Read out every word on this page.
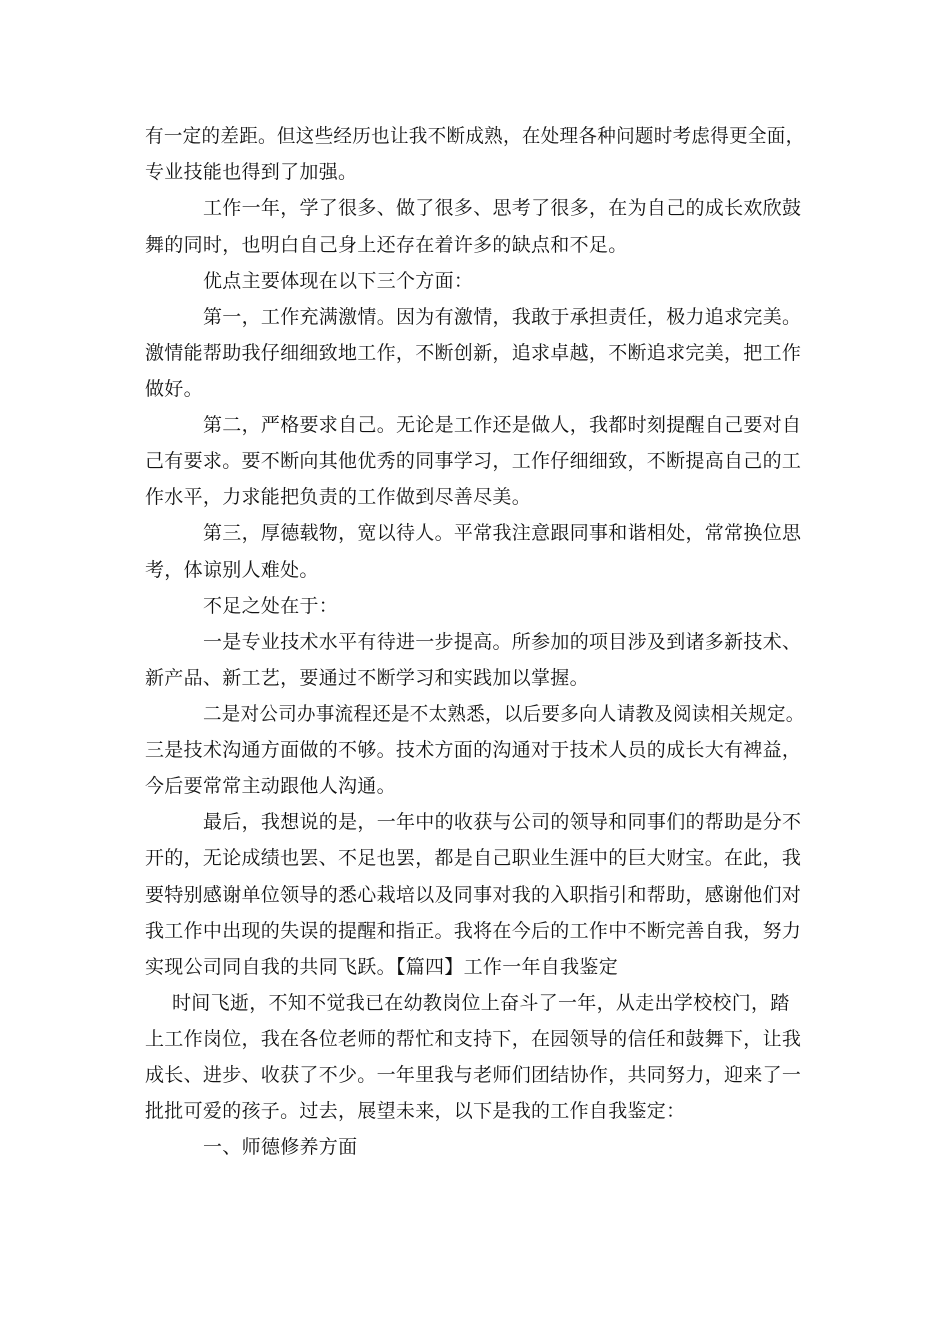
有一定的差距。但这些经历也让我不断成熟，在处理各种问题时考虑得更全面，
专业技能也得到了加强。
工作一年，学了很多、做了很多、思考了很多，在为自己的成长欢欣鼓
舞的同时，也明白自己身上还存在着许多的缺点和不足。
优点主要体现在以下三个方面：
第一，工作充满激情。因为有激情，我敢于承担责任，极力追求完美。
激情能帮助我仔细细致地工作，不断创新，追求卓越，不断追求完美，把工作
做好。
第二，严格要求自己。无论是工作还是做人，我都时刻提醒自己要对自
己有要求。要不断向其他优秀的同事学习，工作仔细细致，不断提高自己的工
作水平，力求能把负责的工作做到尽善尽美。
第三，厚德载物，宽以待人。平常我注意跟同事和谐相处，常常换位思
考，体谅别人难处。
不足之处在于：
一是专业技术水平有待进一步提高。所参加的项目涉及到诸多新技术、
新产品、新工艺，要通过不断学习和实践加以掌握。
二是对公司办事流程还是不太熟悉，以后要多向人请教及阅读相关规定。
三是技术沟通方面做的不够。技术方面的沟通对于技术人员的成长大有裨益，
今后要常常主动跟他人沟通。
最后，我想说的是，一年中的收获与公司的领导和同事们的帮助是分不
开的，无论成绩也罢、不足也罢，都是自己职业生涯中的巨大财宝。在此，我
要特别感谢单位领导的悉心栽培以及同事对我的入职指引和帮助，感谢他们对
我工作中出现的失误的提醒和指正。我将在今后的工作中不断完善自我，努力
实现公司同自我的共同飞跃。【篇四】工作一年自我鉴定
时间飞逝，不知不觉我已在幼教岗位上奋斗了一年，从走出学校校门，踏
上工作岗位，我在各位老师的帮忙和支持下，在园领导的信任和鼓舞下，让我
成长、进步、收获了不少。一年里我与老师们团结协作，共同努力，迎来了一
批批可爱的孩子。过去，展望未来，以下是我的工作自我鉴定：
一、师德修养方面
